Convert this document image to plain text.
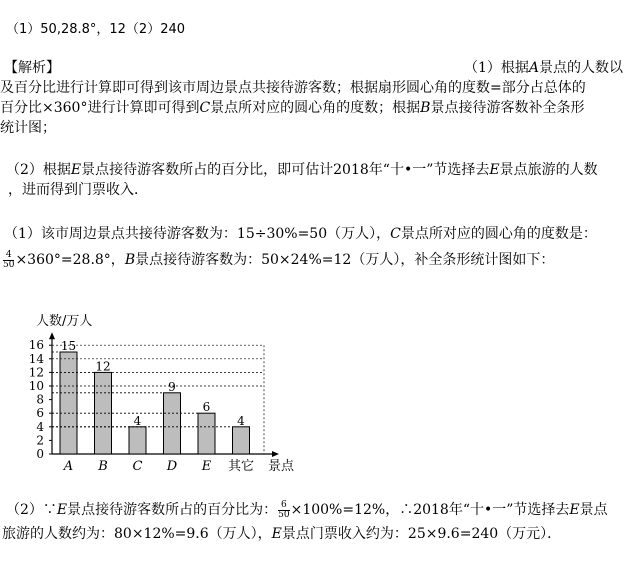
（1）50,28.8°，12（2）240
【解析】	（1）根据A景点的人数以
及百分比进行计算即可得到该市周边景点共接待游客数；根据扇形圆心角的度数=部分占总体的
百分比×360°进行计算即可得到C景点所对应的圆心角的度数；根据B景点接待游客数补全条形
统计图；
（2）根据E景点接待游客数所占的百分比，即可估计2018年“十•一”节选择去E景点旅游的人数
，进而得到门票收入．
（1）该市周边景点共接待游客数为：15÷30%=50（万人），C景点所对应的圆心角的度数是：
$\frac{4}{50} \times 360^\circ=28.8^\circ$，B景点接待游客数为：50×24%=12（万人），补全条形统计图如下：
人数/万人
景点
0
2
4
6
8
10
12
14
16 15
A
12
B
4
C
9
D
6
E
4
其它
（2）∵E景点接待游客数所占的百分比为： $\frac{6}{50} \times 100\%=12\%$，∴2018年“十•一”节选择去E景点
旅游的人数约为：80×12%=9.6（万人），E景点门票收入约为：25×9.6=240（万元）．
